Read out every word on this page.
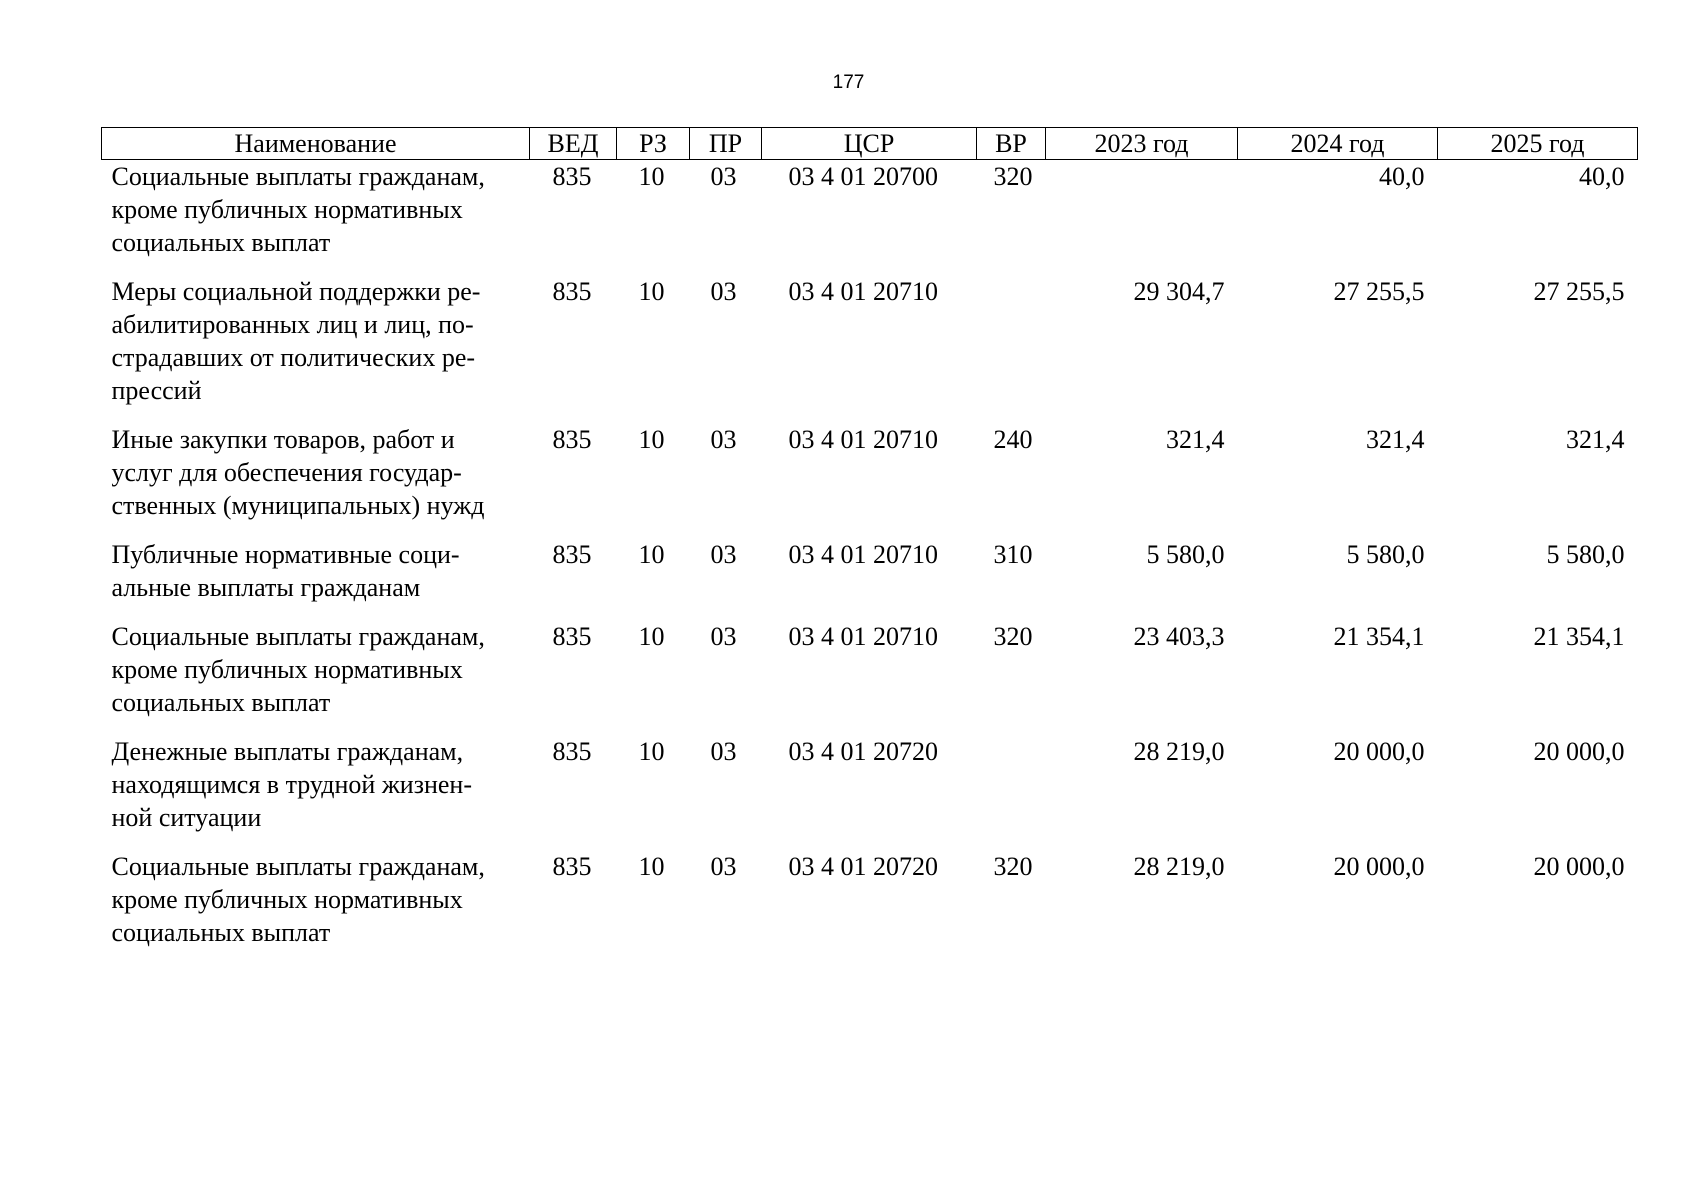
177
Наименование	ВЕД	РЗ	ПР	ЦСР	ВР	2023 год	2024 год	2025 год

Социальные выплаты гражданам,
кроме публичных нормативных
социальных выплат	835	10	03	03 4 01 20700	320		40,0	40,0

Меры социальной поддержки ре-
абилитированных лиц и лиц, по-
страдавших от политических ре-
прессий	835	10	03	03 4 01 20710		29 304,7	27 255,5	27 255,5

Иные закупки товаров, работ и
услуг для обеспечения государ-
ственных (муниципальных) нужд	835	10	03	03 4 01 20710	240	321,4	321,4	321,4

Публичные нормативные соци-
альные выплаты гражданам	835	10	03	03 4 01 20710	310	5 580,0	5 580,0	5 580,0

Социальные выплаты гражданам,
кроме публичных нормативных
социальных выплат	835	10	03	03 4 01 20710	320	23 403,3	21 354,1	21 354,1

Денежные выплаты гражданам,
находящимся в трудной жизнен-
ной ситуации	835	10	03	03 4 01 20720		28 219,0	20 000,0	20 000,0

Социальные выплаты гражданам,
кроме публичных нормативных
социальных выплат	835	10	03	03 4 01 20720	320	28 219,0	20 000,0	20 000,0
